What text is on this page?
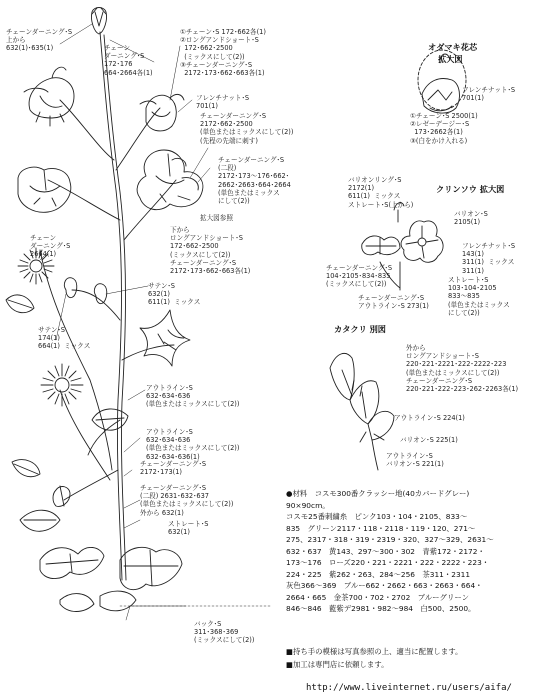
チェーンダーニング･S
上から
632(1)･635(1)	チェーン
ダーニング･S
172･176
664･2664各(1)
①チェーン･S 172･662各(1)
②ロングアンドショート･S
172･662･2500
(ミックスにして(2))
③チェーンダーニング･S
2172･173･662･663各(1)
フレンチナット･S
701(1)
チェーンダーニング･S
2172･662･2500
(単色またはミックスにして(2))
(先程の先端に刺す)
チェーンダーニング･S
(二段)
2172･173～176･662･
2662･2663･664･2664
(単色またはミックス
にして(2))
拡大図参照
下から
ロングアンドショート･S
172･662･2500
(ミックスにして(2))
チェーンダーニング･S
2172･173･662･663各(1)
チェーン
ダーニング･S
2664(1)
サテン･S
632(1)
611(1)  ミックス
サテン･S
174(1)
664(1)  ミックス
アウトライン･S
632･634･636
(単色またはミックスにして(2))
アウトライン･S
632･634･636
(単色またはミックスにして(2))
632･634･636(1)
チェーンダーニング･S
2172･173(1)
チェーンダーニング･S
(二段) 2631･632･637
(単色またはミックスにして(2))
外から 632(1)
ストレート･S
632(1)
バック･S
311･368･369
(ミックスにして(2))
オダマキ花芯
拡大図
フレンチナット･S
701(1)
①チェーン･S 2500(1)
②レゼーデージー･S
173･2662各(1)
③(白をかけ入れる)
クリンソウ 拡大図
バリオンリング･S
2172(1)
611(1)  ミックス
ストレート･S(上から)
バリオン･S
2105(1)
フレンチナット･S
143(1)
311(1)  ミックス
311(1)
ストレート･S
103･104･2105
833～835
(単色またはミックス
にして(2))
チェーンダーニング･S
104･2105･834･835
(ミックスにして(2))
チェーンダーニング･S
アウトライン･S 273(1)
カタクリ 別図
外から
ロングアンドショート･S
220･221･2221･222･2222･223
(単色またはミックスにして(2))
チェーンダーニング･S
220･221･222･223･262･2263各(1)
アウトライン･S 224(1)
バリオン･S 225(1)
アウトライン･S
バリオン･S 221(1)
●材料　コスモ300番クラッシー地(40カバードグレー)
90×90cm。
コスモ25番刺繍糸　ピンク103・104・2105、833～
835　グリーン2117・118・2118・119・120、271～
275、2317・318・319・2319・320、327～329、2631～
632・637　黄143、297～300・302　青紫172・2172・
173～176　ローズ220・221・2221・222・2222・223・
224・225　紫262・263、284～256　茶311・2311
灰色366～369　ブルー662・2662・663・2663・664・
2664・665　金茶700・702・2702　ブルーグリーン
846～846　藍紫デ2981・982～984　白500、2500。
■持ち手の模様は写真参照の上、適当に配置します。
■加工は専門店に依頼します。
http://www.liveinternet.ru/users/aifa/
